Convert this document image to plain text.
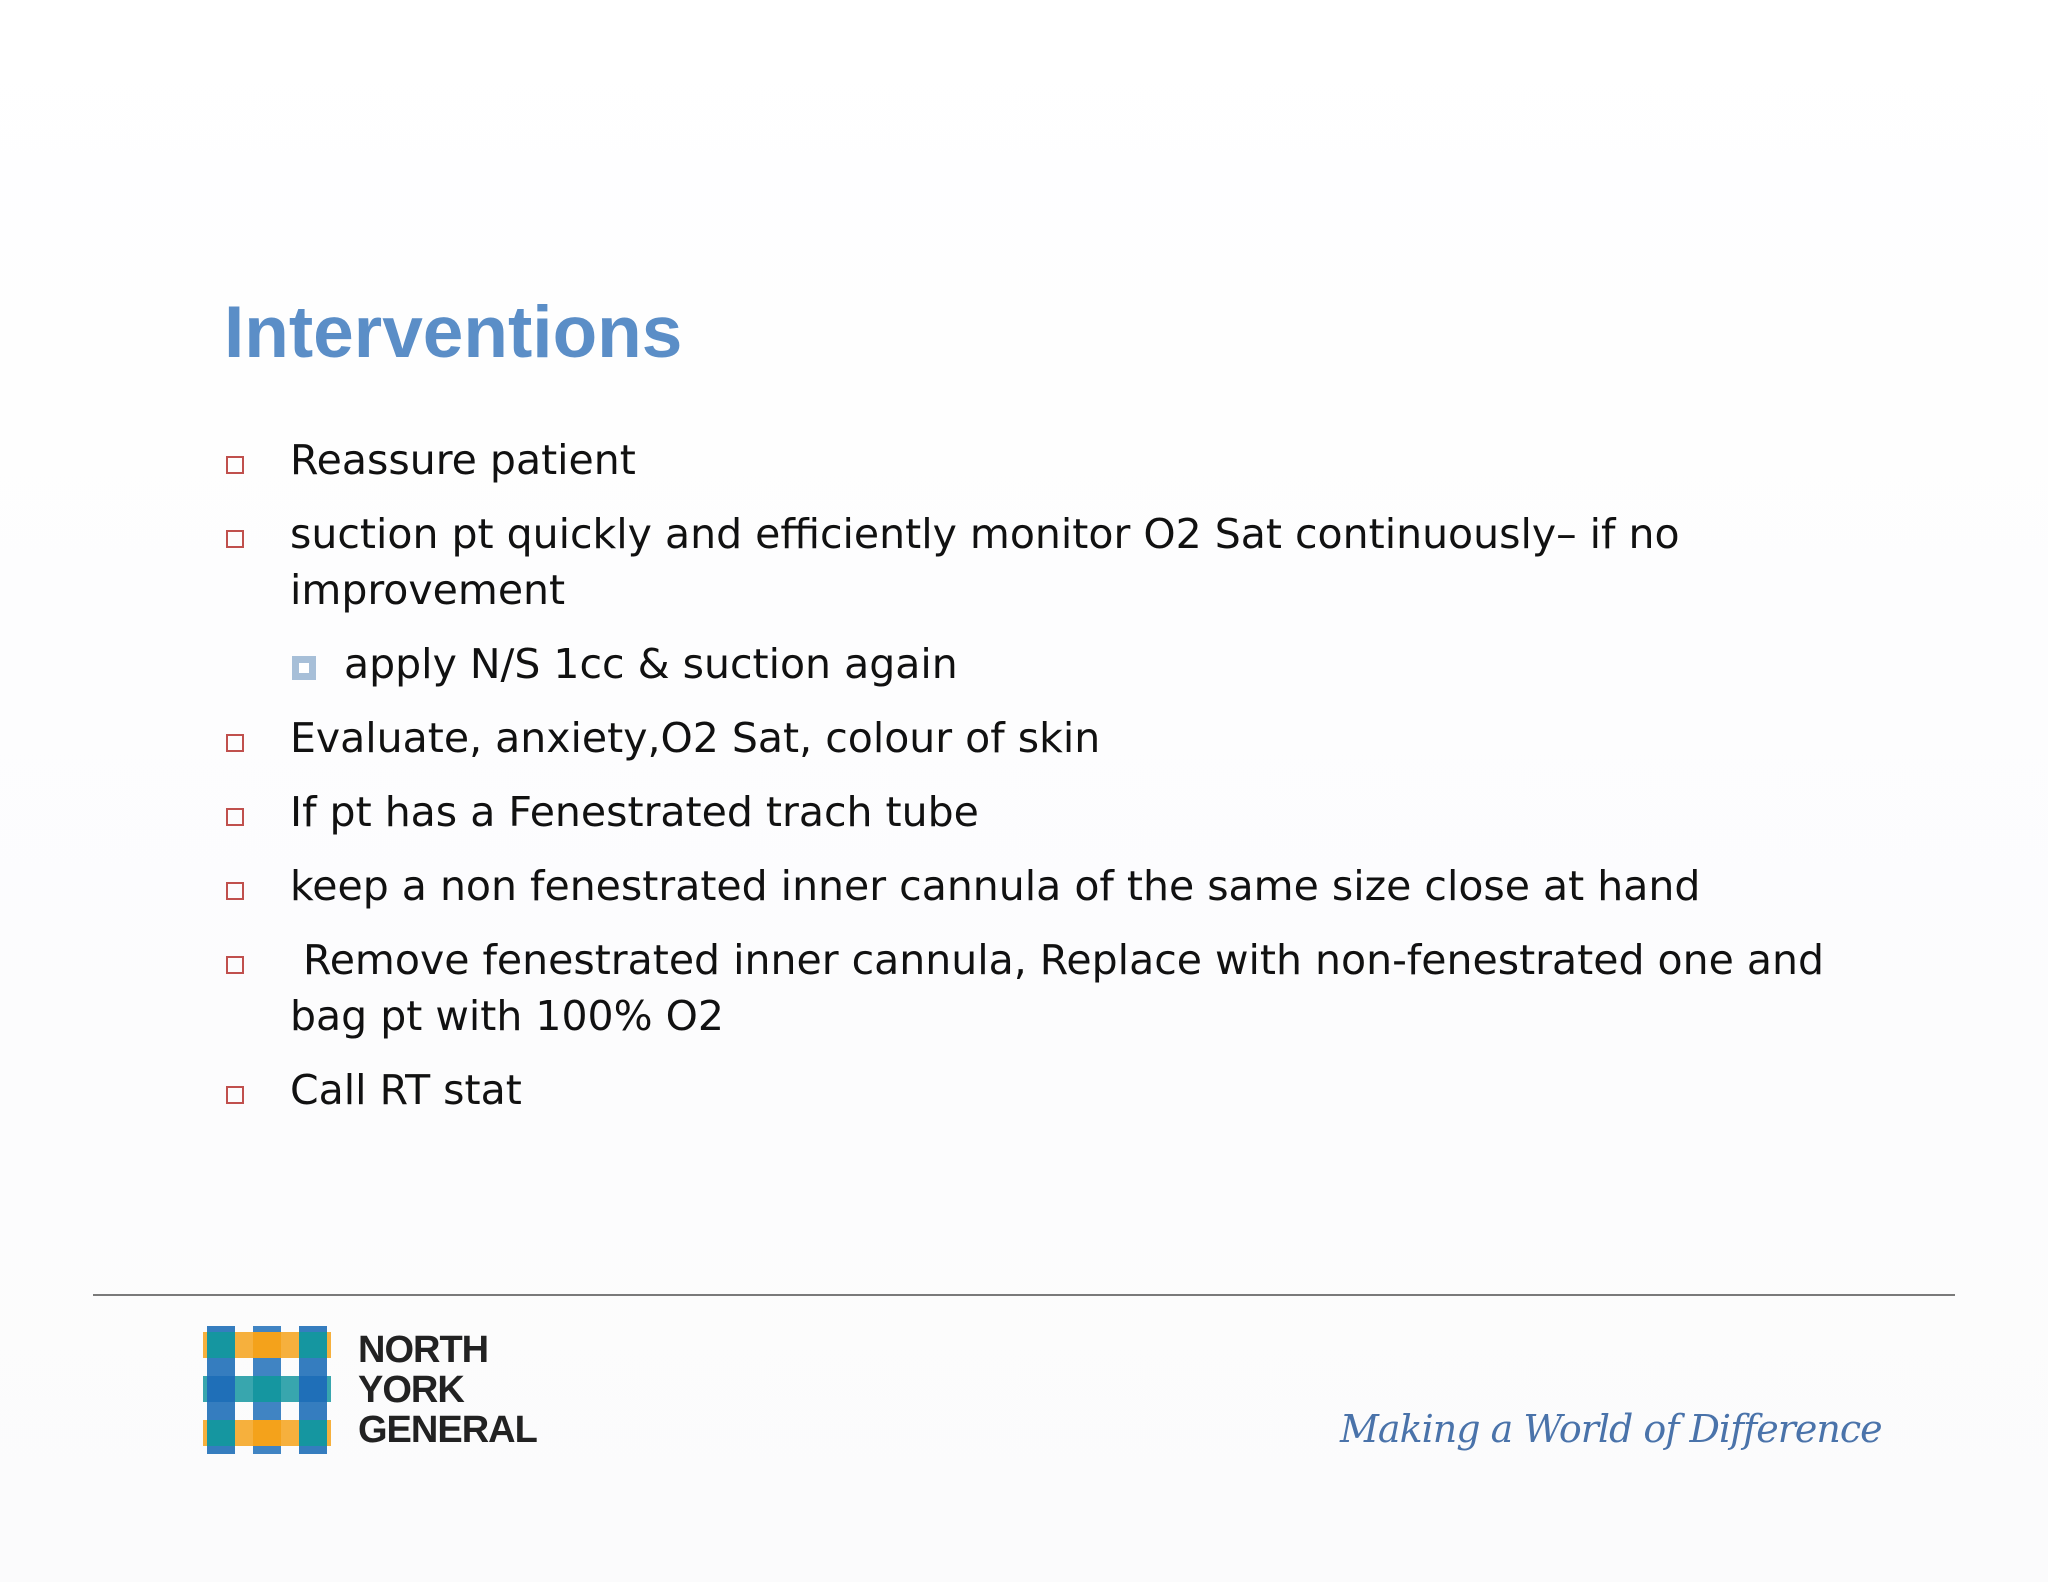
Interventions
Reassure patient
suction pt quickly and efficiently monitor O2 Sat continuously– if no improvement
apply N/S 1cc & suction again
Evaluate, anxiety,O2 Sat, colour of skin
If pt has a Fenestrated trach tube
keep a non fenestrated inner cannula of the same size close at hand
Remove fenestrated inner cannula, Replace with non-fenestrated one and bag pt with 100% O2
Call RT stat
NORTH
YORK
GENERAL	Making a World of Difference
